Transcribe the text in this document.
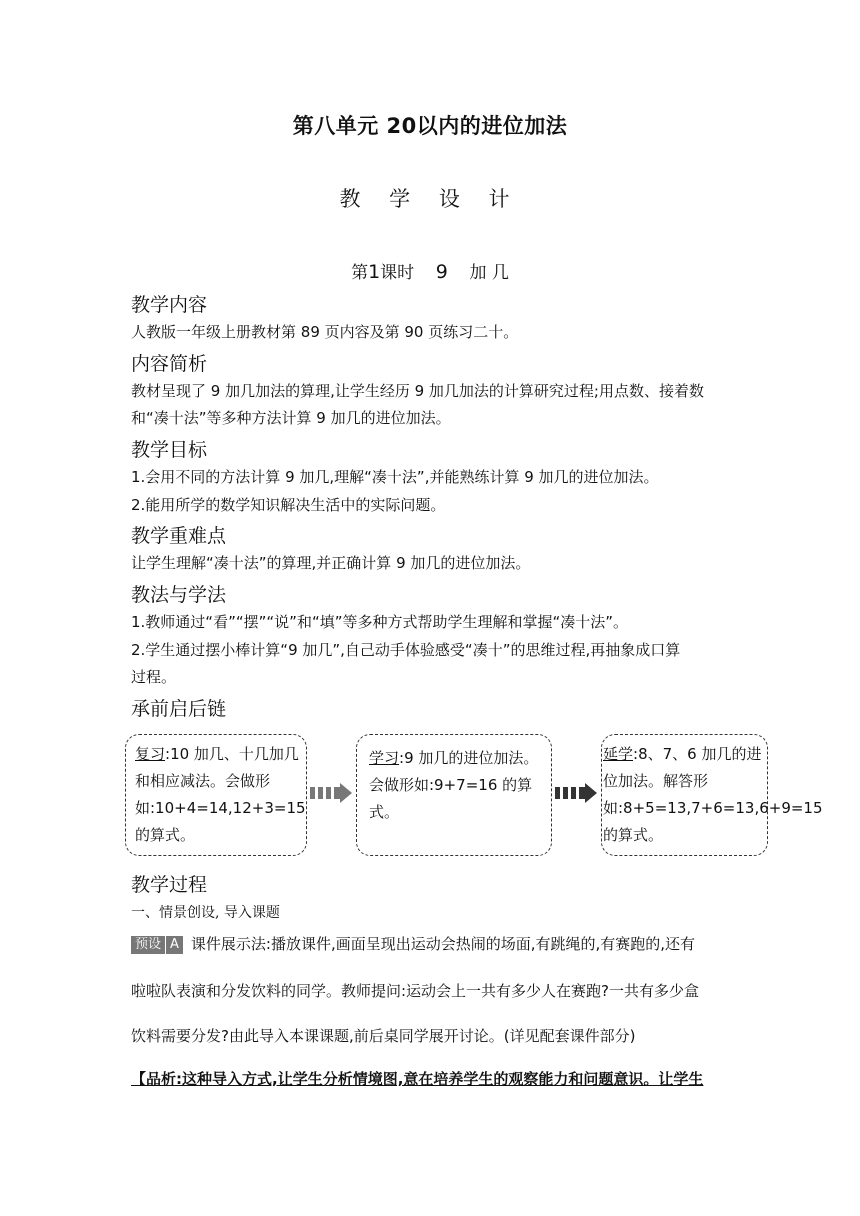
第八单元 20以内的进位加法
教 学 设 计
第1课时 9 加 几
教学内容
人教版一年级上册教材第 89 页内容及第 90 页练习二十。
内容简析
教材呈现了 9 加几加法的算理,让学生经历 9 加几加法的计算研究过程;用点数、接着数
和“凑十法”等多种方法计算 9 加几的进位加法。
教学目标
1.会用不同的方法计算 9 加几,理解“凑十法”,并能熟练计算 9 加几的进位加法。
2.能用所学的数学知识解决生活中的实际问题。
教学重难点
让学生理解“凑十法”的算理,并正确计算 9 加几的进位加法。
教法与学法
1.教师通过“看”“摆”“说”和“填”等多种方式帮助学生理解和掌握“凑十法”。
2.学生通过摆小棒计算“9 加几”,自己动手体验感受“凑十”的思维过程,再抽象成口算
过程。
承前启后链
复习:10 加几、十几加几和相应减法。会做形如:10+4=14,12+3=15 的算式。
学习:9 加几的进位加法。会做形如:9+7=16 的算式。
延学:8、7、6 加几的进位加法。解答形如:8+5=13,7+6=13,6+9=15 的算式。
教学过程
一、情景创设, 导入课题
预设 A 课件展示法:播放课件,画面呈现出运动会热闹的场面,有跳绳的,有赛跑的,还有
啦啦队表演和分发饮料的同学。教师提问:运动会上一共有多少人在赛跑?一共有多少盒
饮料需要分发?由此导入本课课题,前后桌同学展开讨论。(详见配套课件部分)
【品析:这种导入方式,让学生分析情境图,意在培养学生的观察能力和问题意识。让学生
